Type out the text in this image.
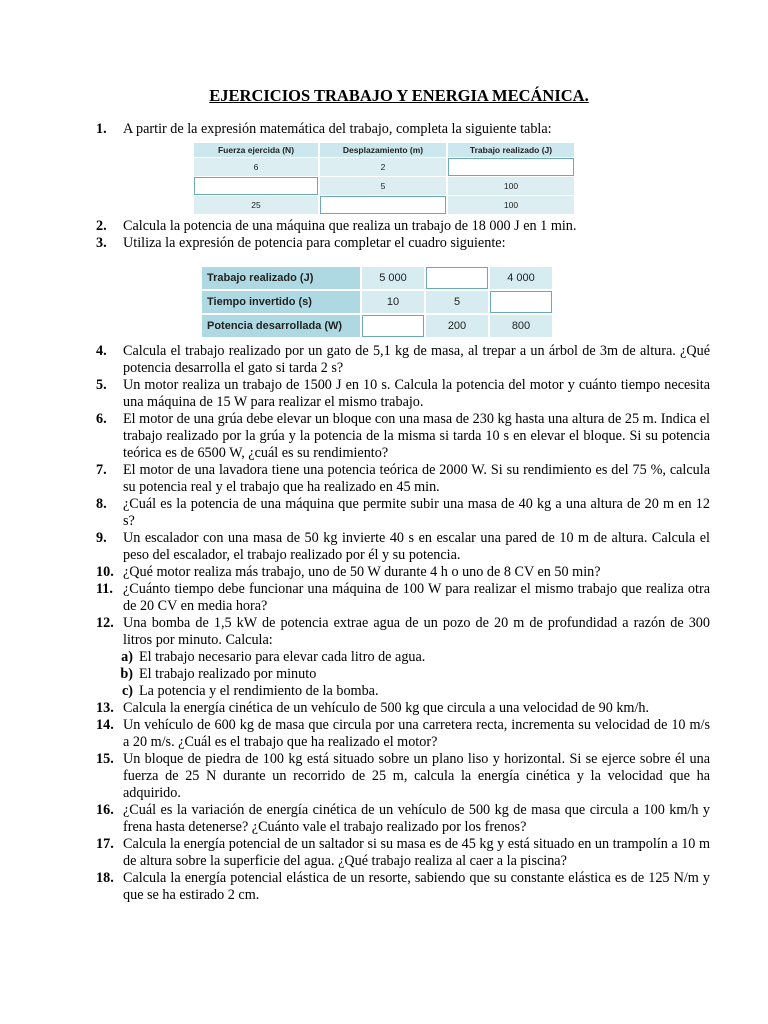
EJERCICIOS TRABAJO Y ENERGIA MECÁNICA.
1.	A partir de la expresión matemática del trabajo, completa la siguiente tabla:
Fuerza ejercida (N)	Desplazamiento (m)	Trabajo realizado (J)
6	2	
	5	100
25		100
2.	Calcula la potencia de una máquina que realiza un trabajo de 18 000 J en 1 min.
3.	Utiliza la expresión de potencia para completar el cuadro siguiente:
Trabajo realizado (J)	5 000		4 000
Tiempo invertido (s)	10	5	
Potencia desarrollada (W)		200	800
4.	Calcula el trabajo realizado por un gato de 5,1 kg de masa, al trepar a un árbol de 3m de altura. ¿Qué potencia desarrolla el gato si tarda 2 s?
5.	Un motor realiza un trabajo de 1500 J en 10 s. Calcula la potencia del motor y cuánto tiempo necesita una máquina de 15 W para realizar el mismo trabajo.
6.	El motor de una grúa debe elevar un bloque con una masa de 230 kg hasta una altura de 25 m. Indica el trabajo realizado por la grúa y la potencia de la misma si tarda 10 s en elevar el bloque. Si su potencia teórica es de 6500 W, ¿cuál es su rendimiento?
7.	El motor de una lavadora tiene una potencia teórica de 2000 W. Si su rendimiento es del 75 %, calcula su potencia real y el trabajo que ha realizado en 45 min.
8.	¿Cuál es la potencia de una máquina que permite subir una masa de 40 kg a una altura de 20 m en 12 s?
9.	Un escalador con una masa de 50 kg invierte 40 s en escalar una pared de 10 m de altura. Calcula el peso del escalador, el trabajo realizado por él y su potencia.
10. ¿Qué motor realiza más trabajo, uno de 50 W durante 4 h o uno de 8 CV en 50 min?
11. ¿Cuánto tiempo debe funcionar una máquina de 100 W para realizar el mismo trabajo que realiza otra de 20 CV en media hora?
12. Una bomba de 1,5 kW de potencia extrae agua de un pozo de 20 m de profundidad a razón de 300 litros por minuto. Calcula:
a) El trabajo necesario para elevar cada litro de agua.
b) El trabajo realizado por minuto
c) La potencia y el rendimiento de la bomba.
13. Calcula la energía cinética de un vehículo de 500 kg que circula a una velocidad de 90 km/h.
14. Un vehículo de 600 kg de masa que circula por una carretera recta, incrementa su velocidad de 10 m/s a 20 m/s. ¿Cuál es el trabajo que ha realizado el motor?
15. Un bloque de piedra de 100 kg está situado sobre un plano liso y horizontal. Si se ejerce sobre él una fuerza de 25 N durante un recorrido de 25 m, calcula la energía cinética y la velocidad que ha adquirido.
16. ¿Cuál es la variación de energía cinética de un vehículo de 500 kg de masa que circula a 100 km/h y frena hasta detenerse? ¿Cuánto vale el trabajo realizado por los frenos?
17. Calcula la energía potencial de un saltador si su masa es de 45 kg y está situado en un trampolín a 10 m de altura sobre la superficie del agua. ¿Qué trabajo realiza al caer a la piscina?
18. Calcula la energía potencial elástica de un resorte, sabiendo que su constante elástica es de 125 N/m y que se ha estirado 2 cm.
